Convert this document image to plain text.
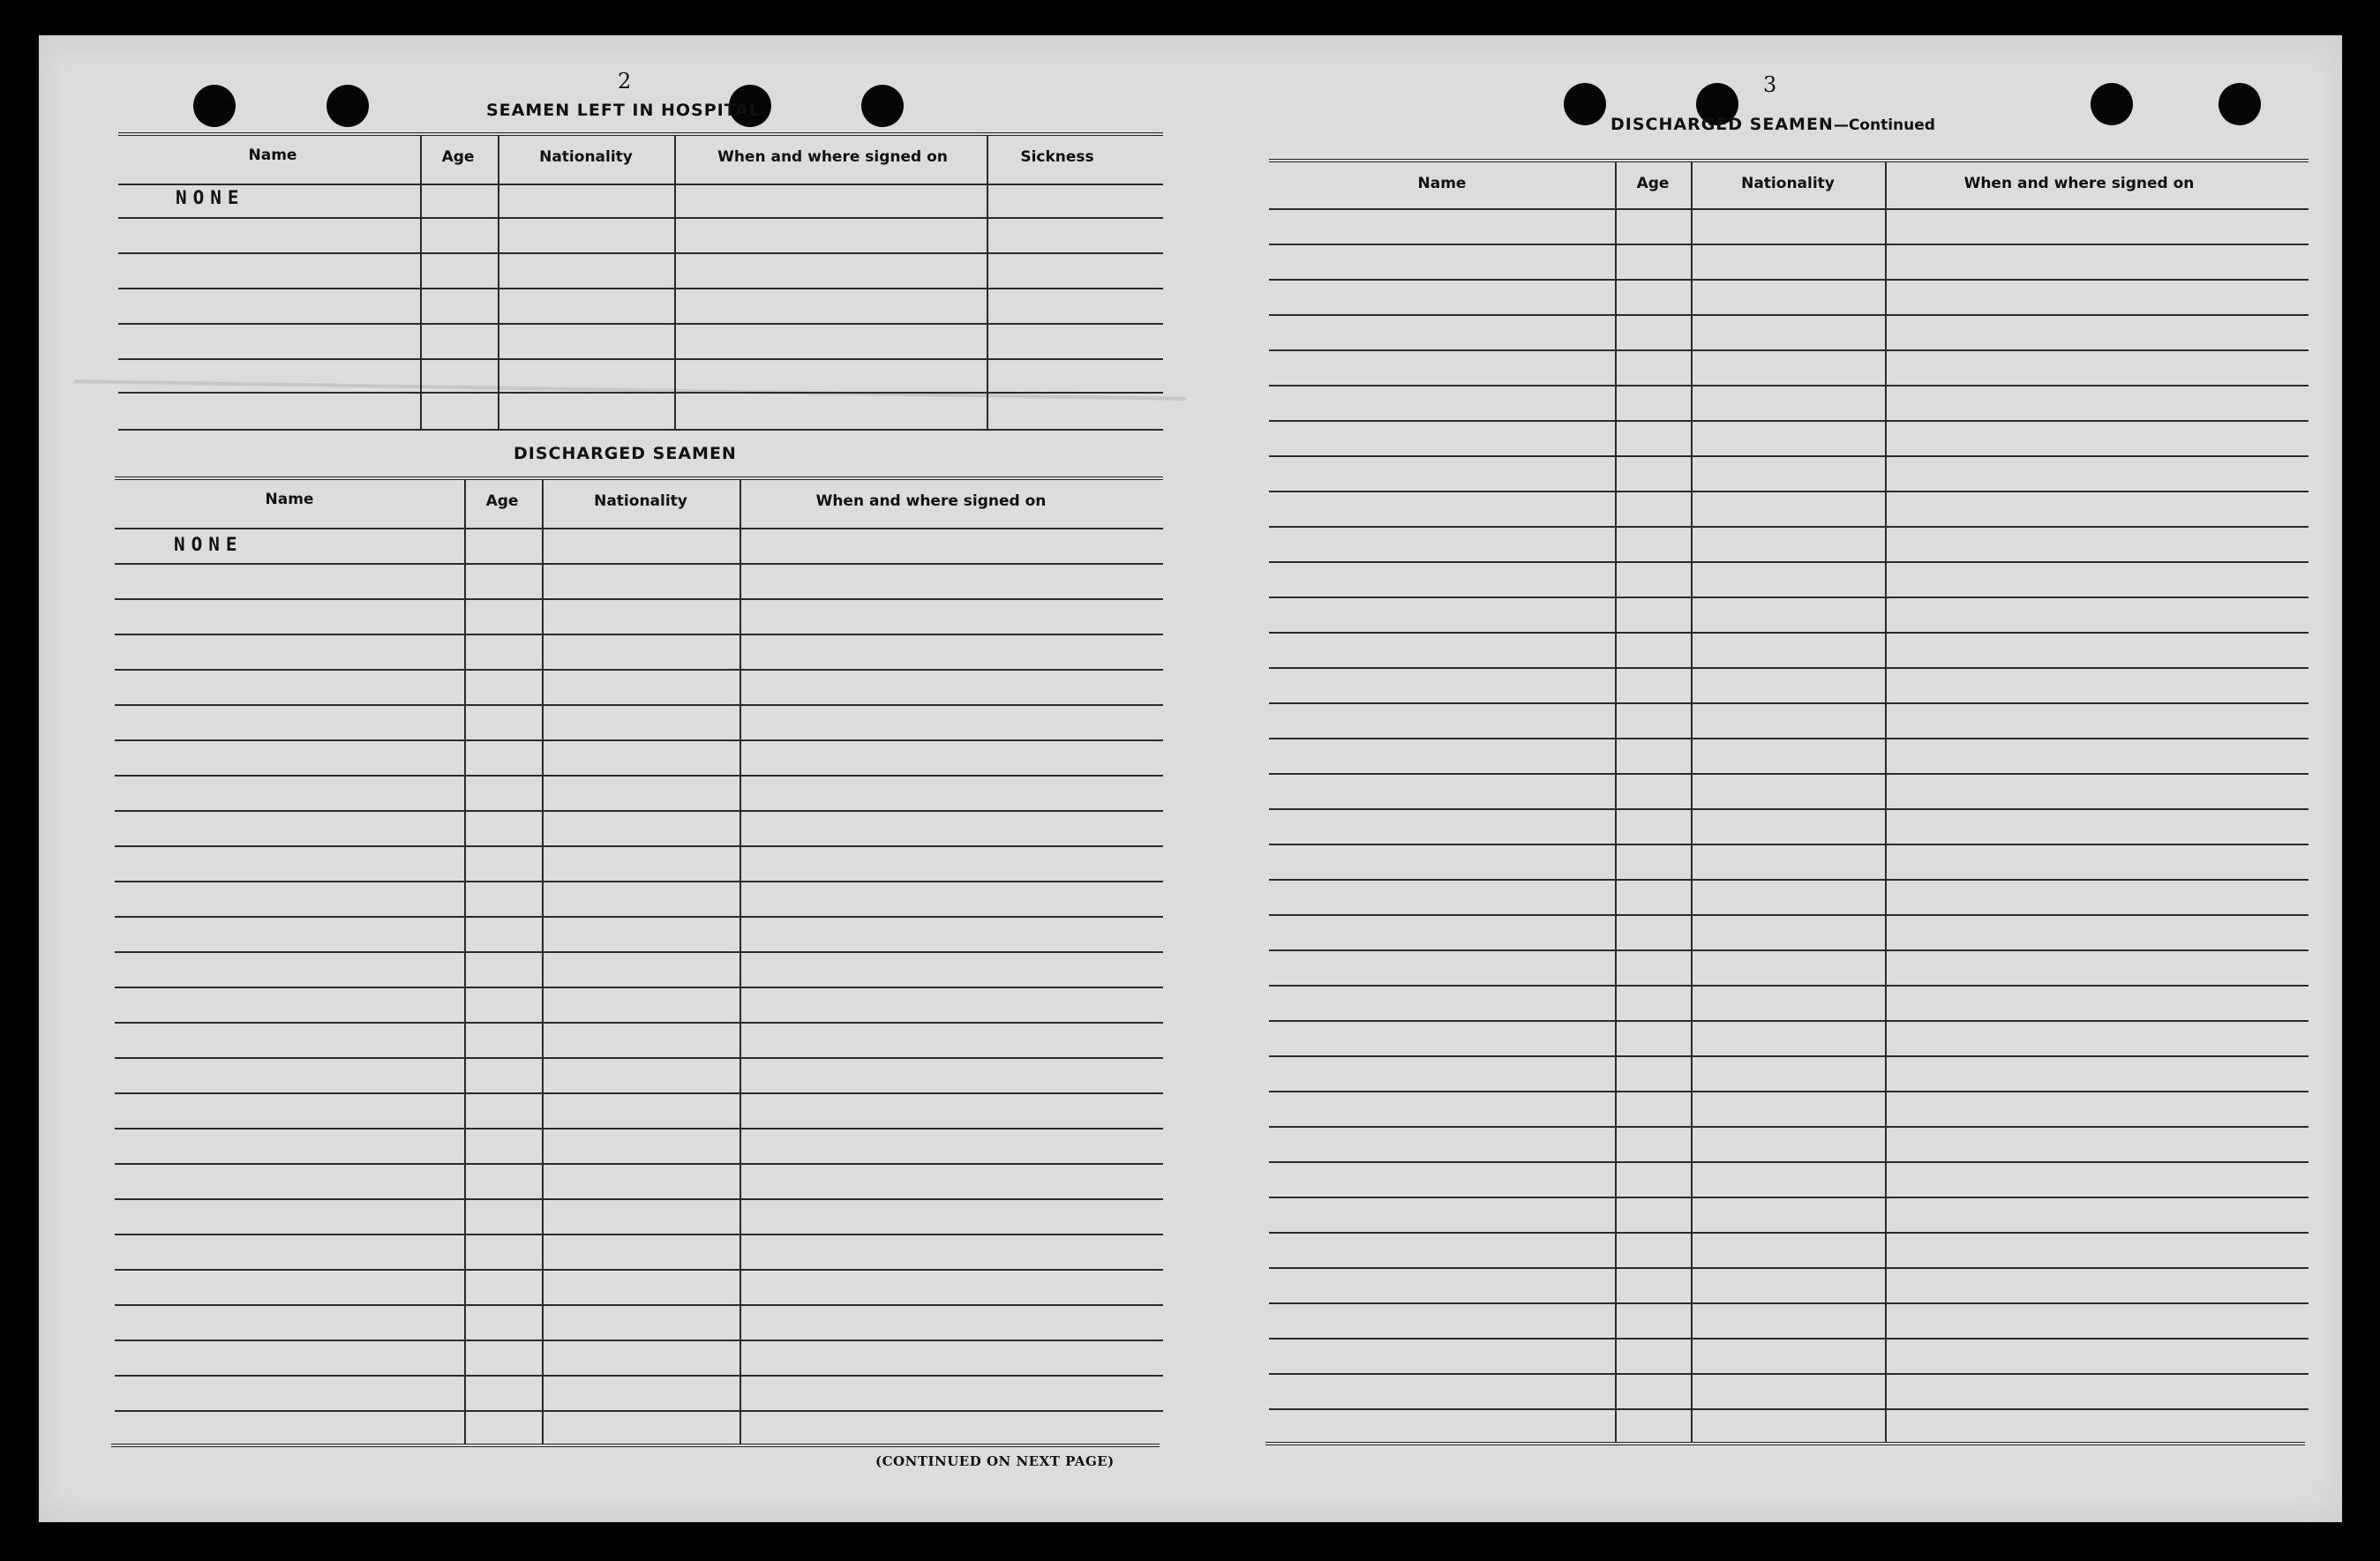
2
SEAMEN LEFT IN HOSPITAL
Name	Age	Nationality	When and where signed on	Sickness
NONE
DISCHARGED SEAMEN
Name	Age	Nationality	When and where signed on
NONE
(CONTINUED ON NEXT PAGE)
3
DISCHARGED SEAMEN—Continued
Name	Age	Nationality	When and where signed on
